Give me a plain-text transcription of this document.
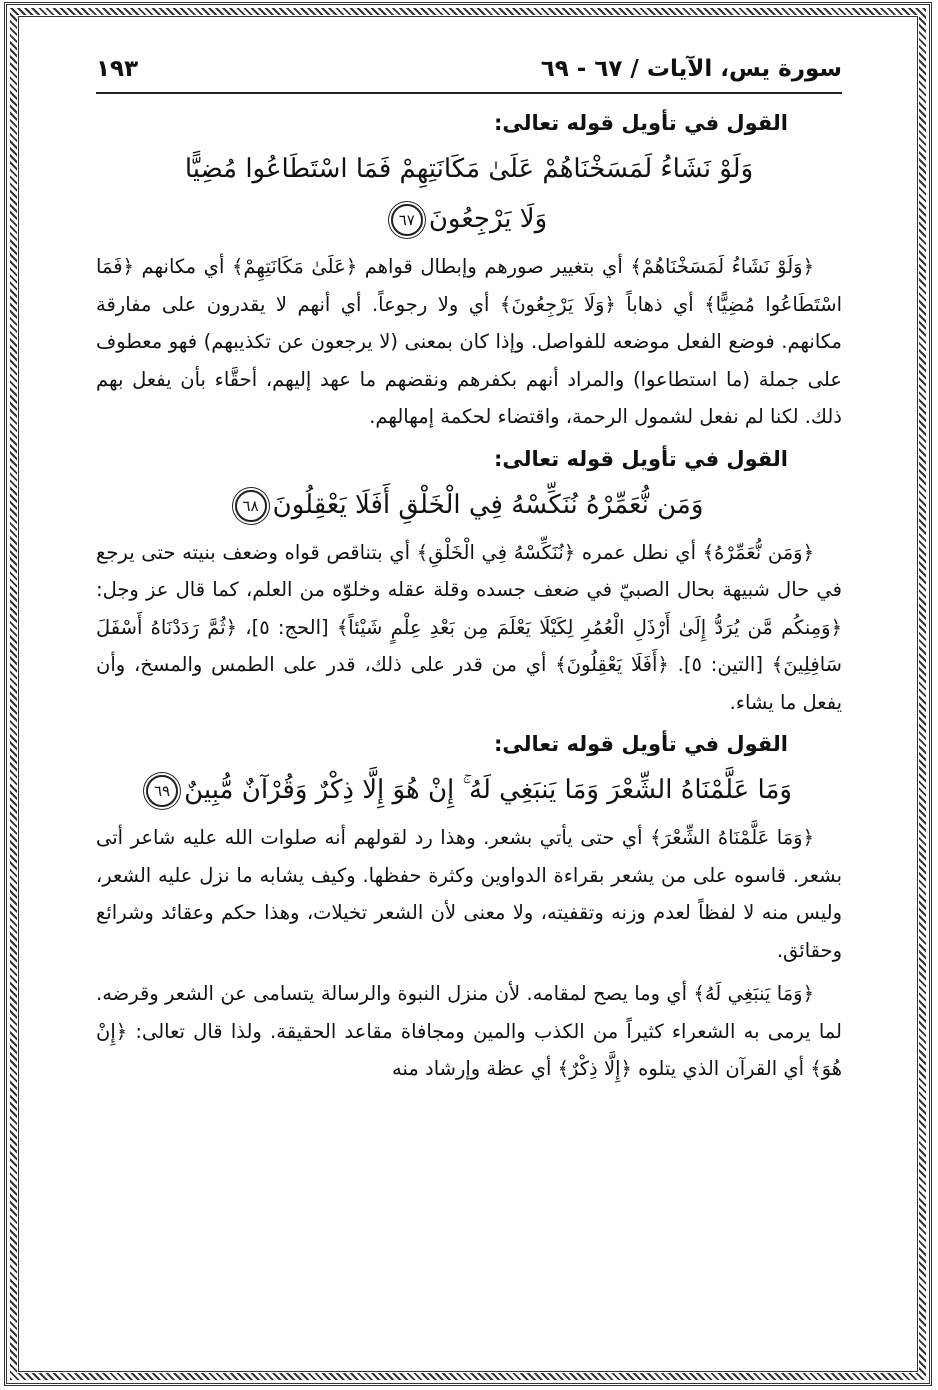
سورة يس، الآيات / ٦٧ - ٦٩
١٩٣
القول في تأويل قوله تعالى:
وَلَوْ نَشَاءُ لَمَسَخْنَاهُمْ عَلَىٰ مَكَانَتِهِمْ فَمَا اسْتَطَاعُوا مُضِيًّا
وَلَا يَرْجِعُونَ٦٧

﴿وَلَوْ نَشَاءُ لَمَسَخْنَاهُمْ﴾ أي بتغيير صورهم وإبطال قواهم ﴿عَلَىٰ مَكَانَتِهِمْ﴾ أي مكانهم ﴿فَمَا اسْتَطَاعُوا مُضِيًّا﴾ أي ذهاباً ﴿وَلَا يَرْجِعُونَ﴾ أي ولا رجوعاً. أي أنهم لا يقدرون على مفارقة مكانهم. فوضع الفعل موضعه للفواصل. وإذا كان بمعنى (لا يرجعون عن تكذيبهم) فهو معطوف على جملة (ما استطاعوا) والمراد أنهم بكفرهم ونقضهم ما عهد إليهم، أحقَّاء بأن يفعل بهم ذلك. لكنا لم نفعل لشمول الرحمة، واقتضاء لحكمة إمهالهم.

القول في تأويل قوله تعالى:
وَمَن نُّعَمِّرْهُ نُنَكِّسْهُ فِي الْخَلْقِ أَفَلَا يَعْقِلُونَ٦٨

﴿وَمَن نُّعَمِّرْهُ﴾ أي نطل عمره ﴿نُنَكِّسْهُ فِي الْخَلْقِ﴾ أي بتناقص قواه وضعف بنيته حتى يرجع في حال شبيهة بحال الصبيّ في ضعف جسده وقلة عقله وخلوّه من العلم، كما قال عز وجل: ﴿وَمِنكُم مَّن يُرَدُّ إِلَىٰ أَرْذَلِ الْعُمُرِ لِكَيْلَا يَعْلَمَ مِن بَعْدِ عِلْمٍ شَيْئاً﴾ [الحج: ٥]، ﴿ثُمَّ رَدَدْنَاهُ أَسْفَلَ سَافِلِينَ﴾ [التين: ٥]. ﴿أَفَلَا يَعْقِلُونَ﴾ أي من قدر على ذلك، قدر على الطمس والمسخ، وأن يفعل ما يشاء.

القول في تأويل قوله تعالى:
وَمَا عَلَّمْنَاهُ الشِّعْرَ وَمَا يَنبَغِي لَهُ ۚ إِنْ هُوَ إِلَّا ذِكْرٌ وَقُرْآنٌ مُّبِينٌ٦٩

﴿وَمَا عَلَّمْنَاهُ الشِّعْرَ﴾ أي حتى يأتي بشعر. وهذا رد لقولهم أنه صلوات الله عليه شاعر أتى بشعر. قاسوه على من يشعر بقراءة الدواوين وكثرة حفظها. وكيف يشابه ما نزل عليه الشعر، وليس منه لا لفظاً لعدم وزنه وتقفيته، ولا معنى لأن الشعر تخيلات، وهذا حكم وعقائد وشرائع وحقائق.

﴿وَمَا يَنبَغِي لَهُ﴾ أي وما يصح لمقامه. لأن منزل النبوة والرسالة يتسامى عن الشعر وقرضه. لما يرمى به الشعراء كثيراً من الكذب والمين ومجافاة مقاعد الحقيقة. ولذا قال تعالى: ﴿إِنْ هُوَ﴾ أي القرآن الذي يتلوه ﴿إِلَّا ذِكْرٌ﴾ أي عظة وإرشاد منه
